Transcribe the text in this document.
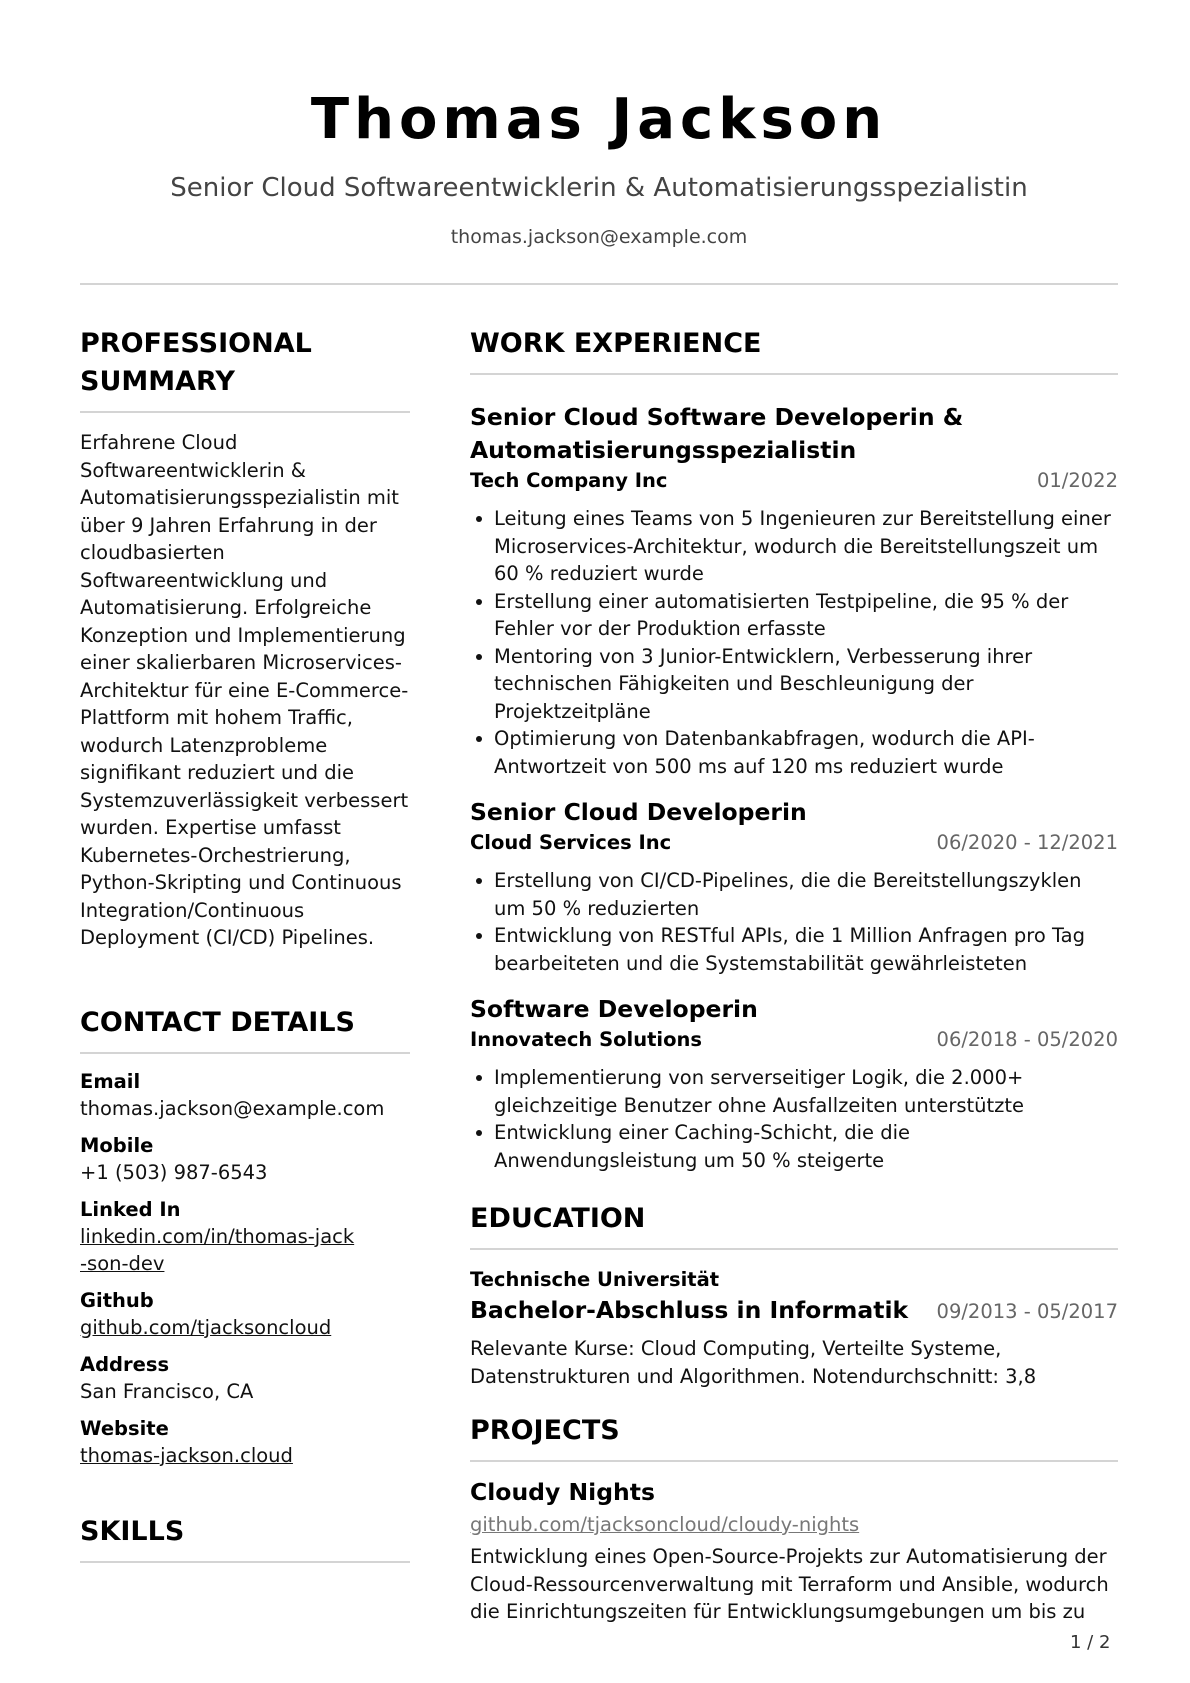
Thomas Jackson
Senior Cloud Softwareentwicklerin & Automatisierungsspezialistin
thomas.jackson@example.com
PROFESSIONAL SUMMARY

Erfahrene Cloud Softwareentwicklerin & Automatisierungsspezialistin mit über 9 Jahren Erfahrung in der cloudbasierten Softwareentwicklung und Automatisierung. Erfolgreiche Konzeption und Implementierung einer skalierbaren Microservices-Architektur für eine E-Commerce-Plattform mit hohem Traffic, wodurch Latenzprobleme signifikant reduziert und die Systemzuverlässigkeit verbessert wurden. Expertise umfasst Kubernetes-Orchestrierung, Python-Skripting und Continuous Integration/Continuous Deployment (CI/CD) Pipelines.

CONTACT DETAILS
Email
thomas.jackson@example.com
Mobile
+1 (503) 987-6543
Linked In
linkedin.com/in/thomas-jack-son-dev
Github
github.com/tjacksoncloud
Address
San Francisco, CA
Website
thomas-jackson.cloud
SKILLS
WORK EXPERIENCE
Senior Cloud Software Developerin & Automatisierungsspezialistin
Tech Company Inc	01/2022
Leitung eines Teams von 5 Ingenieuren zur Bereitstellung einer Microservices-Architektur, wodurch die Bereitstellungszeit um 60 % reduziert wurde
Erstellung einer automatisierten Testpipeline, die 95 % der Fehler vor der Produktion erfasste
Mentoring von 3 Junior-Entwicklern, Verbesserung ihrer technischen Fähigkeiten und Beschleunigung der Projektzeitpläne
Optimierung von Datenbankabfragen, wodurch die API-Antwortzeit von 500 ms auf 120 ms reduziert wurde
Senior Cloud Developerin
Cloud Services Inc	06/2020 - 12/2021
Erstellung von CI/CD-Pipelines, die die Bereitstellungszyklen um 50 % reduzierten
Entwicklung von RESTful APIs, die 1 Million Anfragen pro Tag bearbeiteten und die Systemstabilität gewährleisteten
Software Developerin
Innovatech Solutions	06/2018 - 05/2020
Implementierung von serverseitiger Logik, die 2.000+ gleichzeitige Benutzer ohne Ausfallzeiten unterstützte
Entwicklung einer Caching-Schicht, die die Anwendungsleistung um 50 % steigerte
EDUCATION
Technische Universität
Bachelor-Abschluss in Informatik 09/2013 - 05/2017
Relevante Kurse: Cloud Computing, Verteilte Systeme, Datenstrukturen und Algorithmen. Notendurchschnitt: 3,8
PROJECTS
Cloudy Nights
github.com/tjacksoncloud/cloudy-nights
Entwicklung eines Open-Source-Projekts zur Automatisierung der Cloud-Ressourcenverwaltung mit Terraform und Ansible, wodurch die Einrichtungszeiten für Entwicklungsumgebungen um bis zu
1 / 2
